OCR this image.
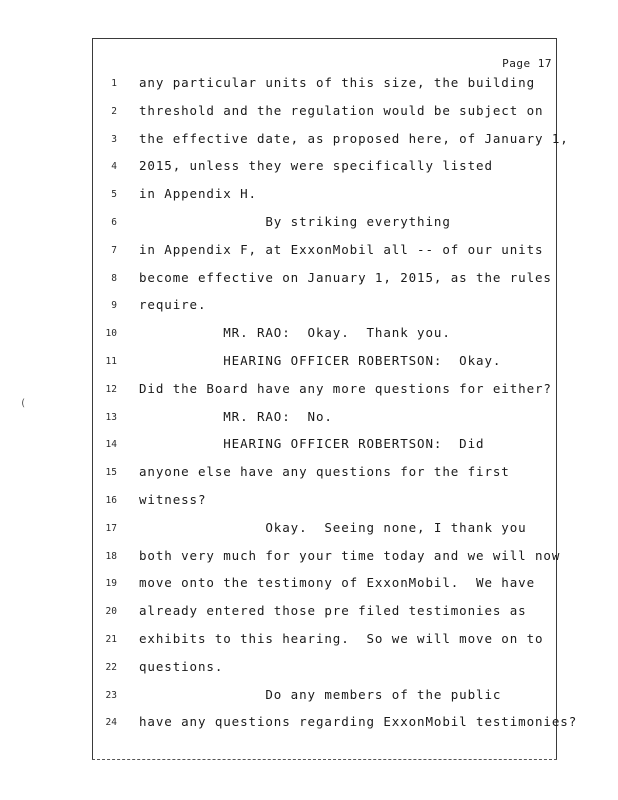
Page 17
(
1 any particular units of this size, the building
2 threshold and the regulation would be subject on
3 the effective date, as proposed here, of January 1,
4 2015, unless they were specifically listed
5 in Appendix H.
6 By striking everything
7 in Appendix F, at ExxonMobil all -- of our units
8 become effective on January 1, 2015, as the rules
9 require.
10 MR. RAO:  Okay.  Thank you.
11 HEARING OFFICER ROBERTSON:  Okay.
12 Did the Board have any more questions for either?
13 MR. RAO:  No.
14 HEARING OFFICER ROBERTSON:  Did
15 anyone else have any questions for the first
16 witness?
17 Okay.  Seeing none, I thank you
18 both very much for your time today and we will now
19 move onto the testimony of ExxonMobil.  We have
20 already entered those pre filed testimonies as
21 exhibits to this hearing.  So we will move on to
22 questions.
23 Do any members of the public
24 have any questions regarding ExxonMobil testimonies?
